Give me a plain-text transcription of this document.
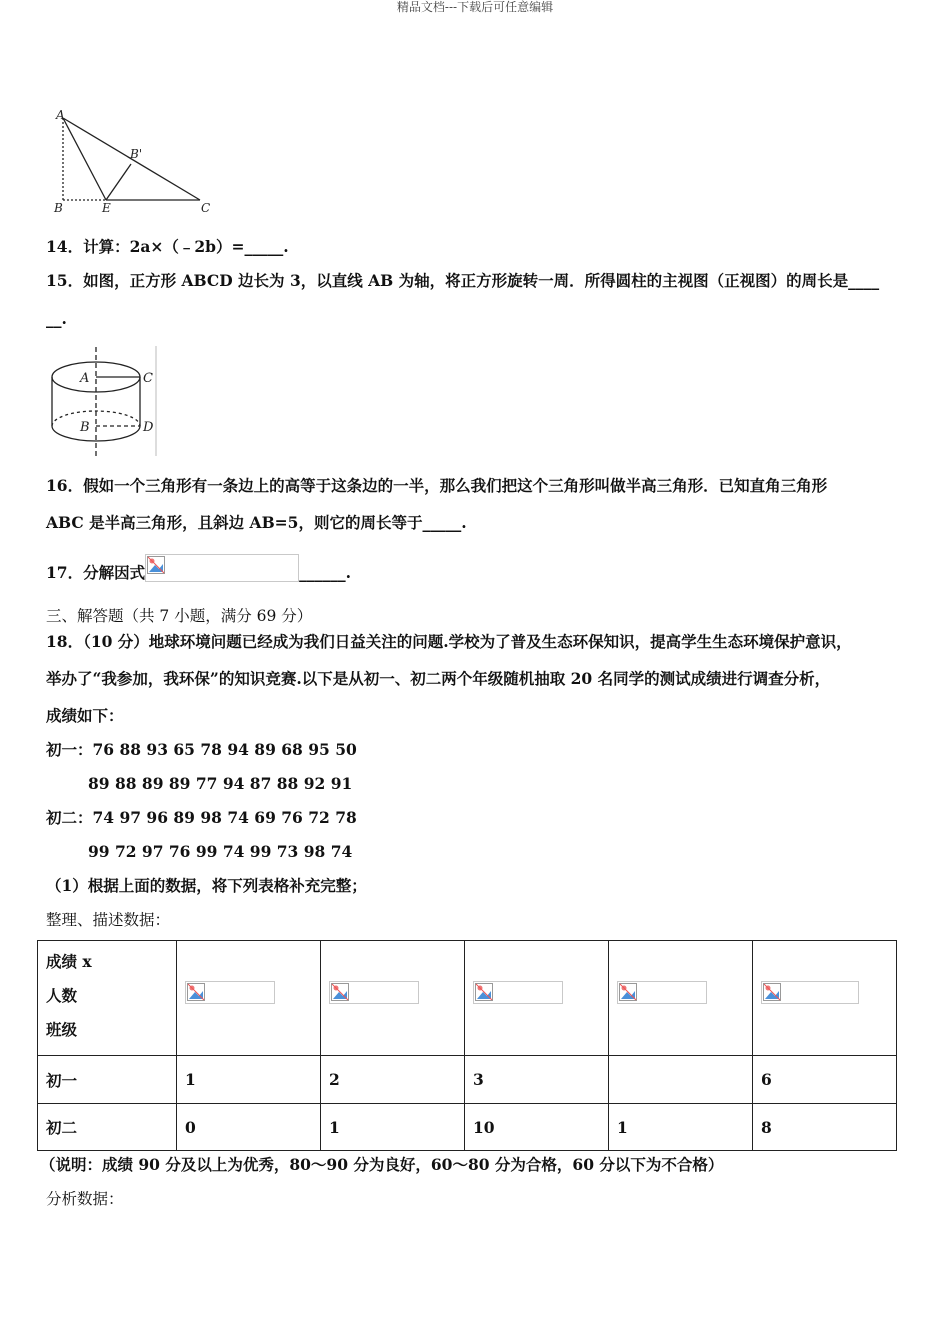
精品文档---下载后可任意编辑
A
B'
B	E	C
14．计算：2a×（﹣2b）=_____.
15．如图，正方形 ABCD 边长为 3，以直线 AB 为轴，将正方形旋转一周．所得圆柱的主视图（正视图）的周长是____
__.
A	C
B	D
16．假如一个三角形有一条边上的高等于这条边的一半，那么我们把这个三角形叫做半高三角形．已知直角三角形
ABC 是半高三角形，且斜边 AB=5，则它的周长等于_____.
17．分解因式	______.
三、解答题（共 7 小题，满分 69 分）
18．（10 分）地球环境问题已经成为我们日益关注的问题.学校为了普及生态环保知识，提高学生生态环境保护意识，
举办了“我参加，我环保”的知识竞赛.以下是从初一、初二两个年级随机抽取 20 名同学的测试成绩进行调查分析，
成绩如下：
初一：76 88 93 65 78 94 89 68 95 50
89 88 89 89 77 94 87 88 92 91
初二：74 97 96 89 98 74 69 76 72 78
99 72 97 76 99 74 99 73 98 74
（1）根据上面的数据，将下列表格补充完整；
整理、描述数据：
成绩 x
人数
班级

初一	1	2	3		6
初二	0	1	10	1	8
（说明：成绩 90 分及以上为优秀，80～90 分为良好，60～80 分为合格，60 分以下为不合格）
分析数据：
